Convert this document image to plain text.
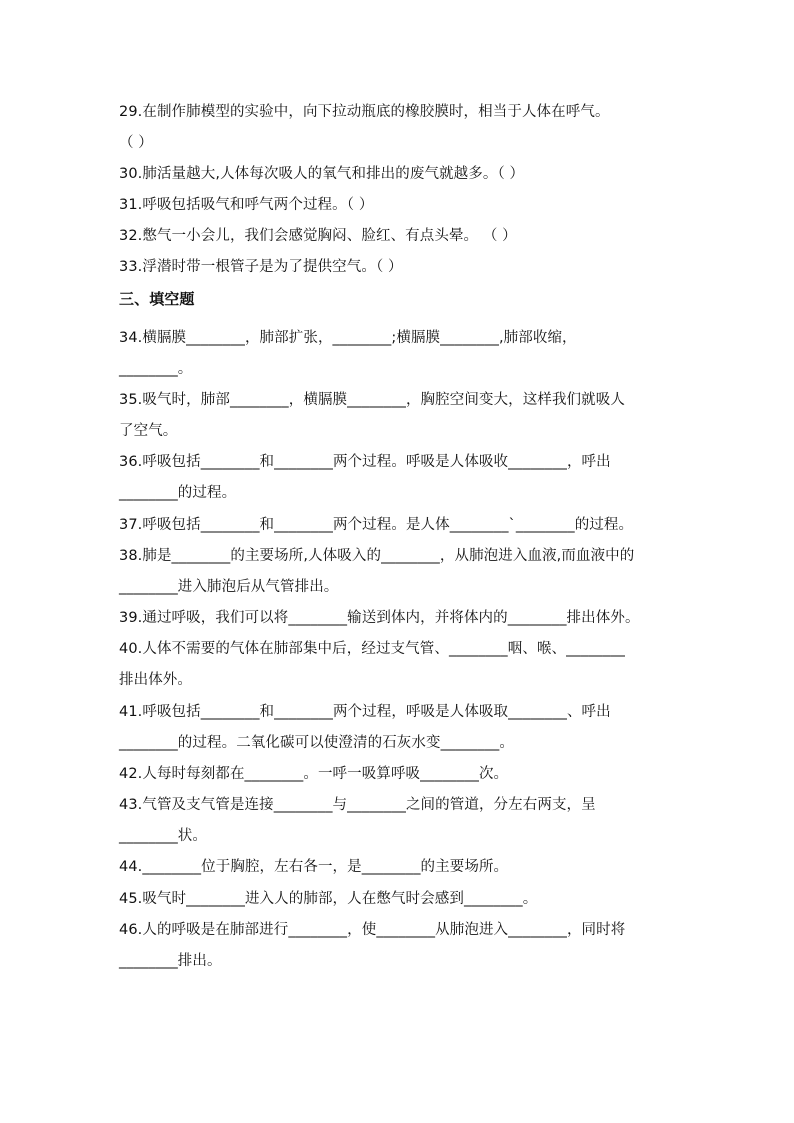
29.在制作肺模型的实验中，向下拉动瓶底的橡胶膜时，相当于人体在呼气。
（ ）
30.肺活量越大,人体每次吸人的氧气和排出的废气就越多。（ ）
31.呼吸包括吸气和呼气两个过程。（ ）
32.憋气一小会儿，我们会感觉胸闷、脸红、有点头晕。 （ ）
33.浮潜时带一根管子是为了提供空气。（ ）
三、填空题
34.横膈膜________，肺部扩张，________;横膈膜________,肺部收缩，
________。
35.吸气时，肺部________，横膈膜________，胸腔空间变大，这样我们就吸人
了空气。
36.呼吸包括________和________两个过程。呼吸是人体吸收________，呼出
________的过程。
37.呼吸包括________和________两个过程。是人体________`________的过程。
38.肺是________的主要场所,人体吸入的________，从肺泡进入血液,而血液中的
________进入肺泡后从气管排出。
39.通过呼吸，我们可以将________输送到体内，并将体内的________排出体外。
40.人体不需要的气体在肺部集中后，经过支气管、________咽、喉、________
排出体外。
41.呼吸包括________和________两个过程，呼吸是人体吸取________、呼出
________的过程。二氧化碳可以使澄清的石灰水变________。
42.人每时每刻都在________。一呼一吸算呼吸________次。
43.气管及支气管是连接________与________之间的管道，分左右两支，呈
________状。
44.________位于胸腔，左右各一，是________的主要场所。
45.吸气时________进入人的肺部，人在憋气时会感到________。
46.人的呼吸是在肺部进行________，使________从肺泡进入________，同时将
________排出。
